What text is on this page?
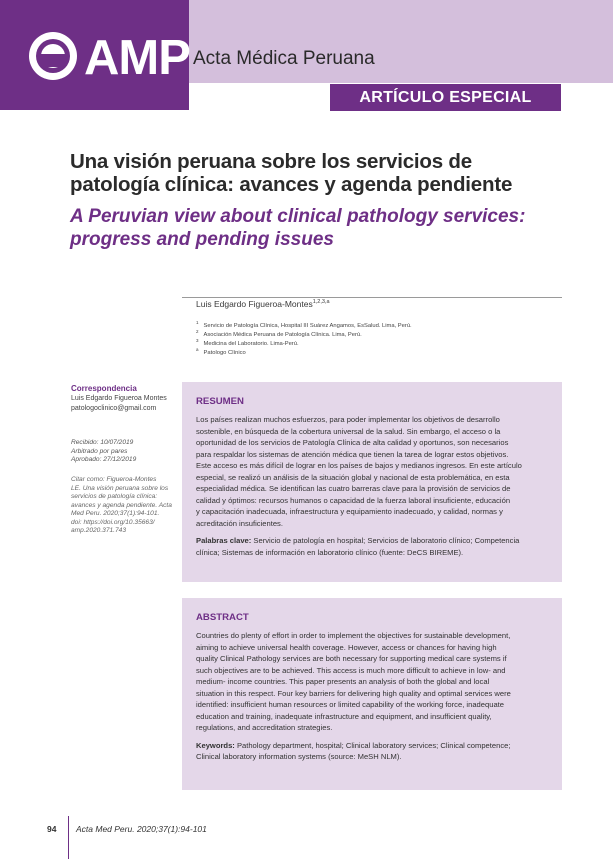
AMP Acta Médica Peruana
ARTÍCULO ESPECIAL
Una visión peruana sobre los servicios de
patología clínica: avances y agenda pendiente
A Peruvian view about clinical pathology services:
progress and pending issues
Luis Edgardo Figueroa-Montes$^{1,2,3,a}$
$^1$Servicio de Patología Clínica, Hospital III Suárez Angamos, EsSalud. Lima, Perú.
$^2$Asociación Médica Peruana de Patología Clínica. Lima, Perú.
$^3$Medicina del Laboratorio. Lima-Perú.
$^a$Patologo Clínico
Correspondencia
Luis Edgardo Figueroa Montes
patologoclinico@gmail.com
Recibido: 10/07/2019
Arbitrado por pares
Aprobado: 27/12/2019
Citar como: Figueroa-Montes
LE. Una visión peruana sobre los
servicios de patología clínica:
avances y agenda pendiente. Acta
Med Peru. 2020;37(1):94-101.
doi: https://doi.org/10.35663/
amp.2020.371.743
RESUMEN
Los países realizan muchos esfuerzos, para poder implementar los objetivos de desarrollo
sostenible, en búsqueda de la cobertura universal de la salud. Sin embargo, el acceso o la
oportunidad de los servicios de Patología Clínica de alta calidad y oportunos, son necesarios
para respaldar los sistemas de atención médica que tienen la tarea de lograr estos objetivos.
Este acceso es más difícil de lograr en los países de bajos y medianos ingresos. En este artículo
especial, se realizó un análisis de la situación global y nacional de esta problemática, en esta
especialidad médica. Se identifican las cuatro barreras clave para la provisión de servicios de
calidad y óptimos: recursos humanos o capacidad de la fuerza laboral insuficiente, educación
y capacitación inadecuada, infraestructura y equipamiento inadecuado, y calidad, normas y
acreditación insuficientes.
Palabras clave: Servicio de patología en hospital; Servicios de laboratorio clínico; Competencia
clínica; Sistemas de información en laboratorio clínico (fuente: DeCS BIREME).
ABSTRACT
Countries do plenty of effort in order to implement the objectives for sustainable development,
aiming to achieve universal health coverage. However, access or chances for having high
quality Clinical Pathology services are both necessary for supporting medical care systems if
such objectives are to be achieved. This access is much more difficult to achieve in low- and
medium- income countries. This paper presents an analysis of both the global and local
situation in this respect. Four key barriers for delivering high quality and optimal services were
identified: insufficient human resources or limited capability of the working force, inadequate
education and training, inadequate infrastructure and equipment, and insufficient quality,
regulations, and accreditation strategies.
Keywords: Pathology department, hospital; Clinical laboratory services; Clinical competence;
Clinical laboratory information systems (source: MeSH NLM).
94 Acta Med Peru. 2020;37(1):94-101
